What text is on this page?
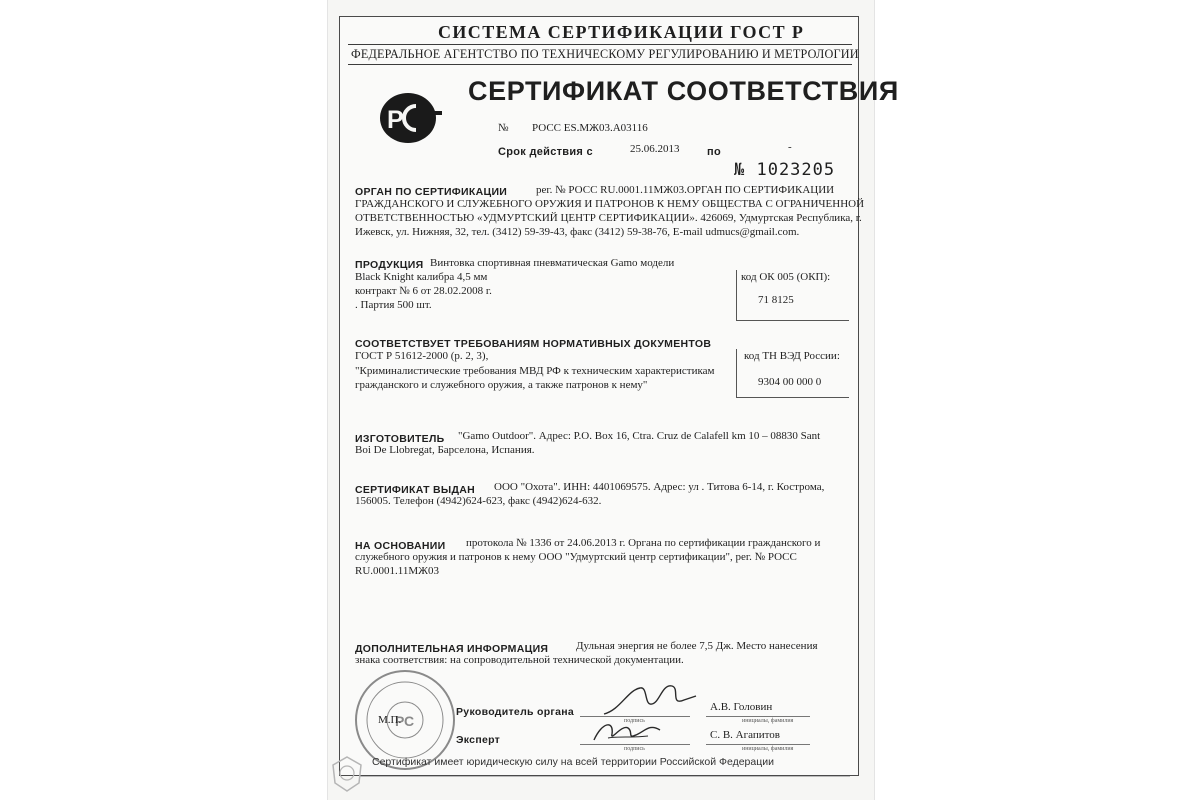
СИСТЕМА СЕРТИФИКАЦИИ ГОСТ Р
ФЕДЕРАЛЬНОЕ АГЕНТСТВО ПО ТЕХНИЧЕСКОМУ РЕГУЛИРОВАНИЮ И МЕТРОЛОГИИ
Р
СЕРТИФИКАТ СООТВЕТСТВИЯ
№ РОСС ES.МЖ03.А03116
Срок действия с	25.06.2013	по	-
№ 1023205
ОРГАН ПО СЕРТИФИКАЦИИ	рег. № РОСС RU.0001.11МЖ03.ОРГАН ПО СЕРТИФИКАЦИИ
ГРАЖДАНСКОГО И СЛУЖЕБНОГО ОРУЖИЯ И ПАТРОНОВ К НЕМУ ОБЩЕСТВА С ОГРАНИЧЕННОЙ
ОТВЕТСТВЕННОСТЬЮ «УДМУРТСКИЙ ЦЕНТР СЕРТИФИКАЦИИ». 426069, Удмуртская Республика, г.
Ижевск, ул. Нижняя, 32, тел. (3412) 59-39-43, факс (3412) 59-38-76, E-mail udmucs@gmail.com.
ПРОДУКЦИЯ Винтовка спортивная пневматическая Gamo модели
Black Knight калибра 4,5 мм
контракт № 6 от 28.02.2008 г.
. Партия 500 шт.
код ОК 005 (ОКП):
71 8125
СООТВЕТСТВУЕТ ТРЕБОВАНИЯМ НОРМАТИВНЫХ ДОКУМЕНТОВ
ГОСТ Р 51612-2000 (р. 2, 3),
"Криминалистические требования МВД РФ к техническим характеристикам
гражданского и служебного оружия, а также патронов к нему"
код ТН ВЭД России:
9304 00 000 0
ИЗГОТОВИТЕЛЬ "Gamo Outdoor". Адрес: P.O. Box 16, Ctra. Cruz de Calafell km 10 – 08830 Sant
Boi De Llobregat, Барселона, Испания.
СЕРТИФИКАТ ВЫДАН ООО "Охота". ИНН: 4401069575. Адрес: ул . Титова 6-14, г. Кострома,
156005. Телефон (4942)624-623, факс (4942)624-632.
НА ОСНОВАНИИ протокола № 1336 от 24.06.2013 г. Органа по сертификации гражданского и
служебного оружия и патронов к нему ООО "Удмуртский центр сертификации", рег. № РОСС
RU.0001.11МЖ03
ДОПОЛНИТЕЛЬНАЯ ИНФОРМАЦИЯ	Дульная энергия не более 7,5 Дж. Место нанесения
знака соответствия: на сопроводительной технической документации.
РС
М.П.
Руководитель органа
подпись
А.В. Головин
инициалы, фамилия
Эксперт
подпись
С. В. Агапитов
инициалы, фамилия
Сертификат имеет юридическую силу на всей территории Российской Федерации
